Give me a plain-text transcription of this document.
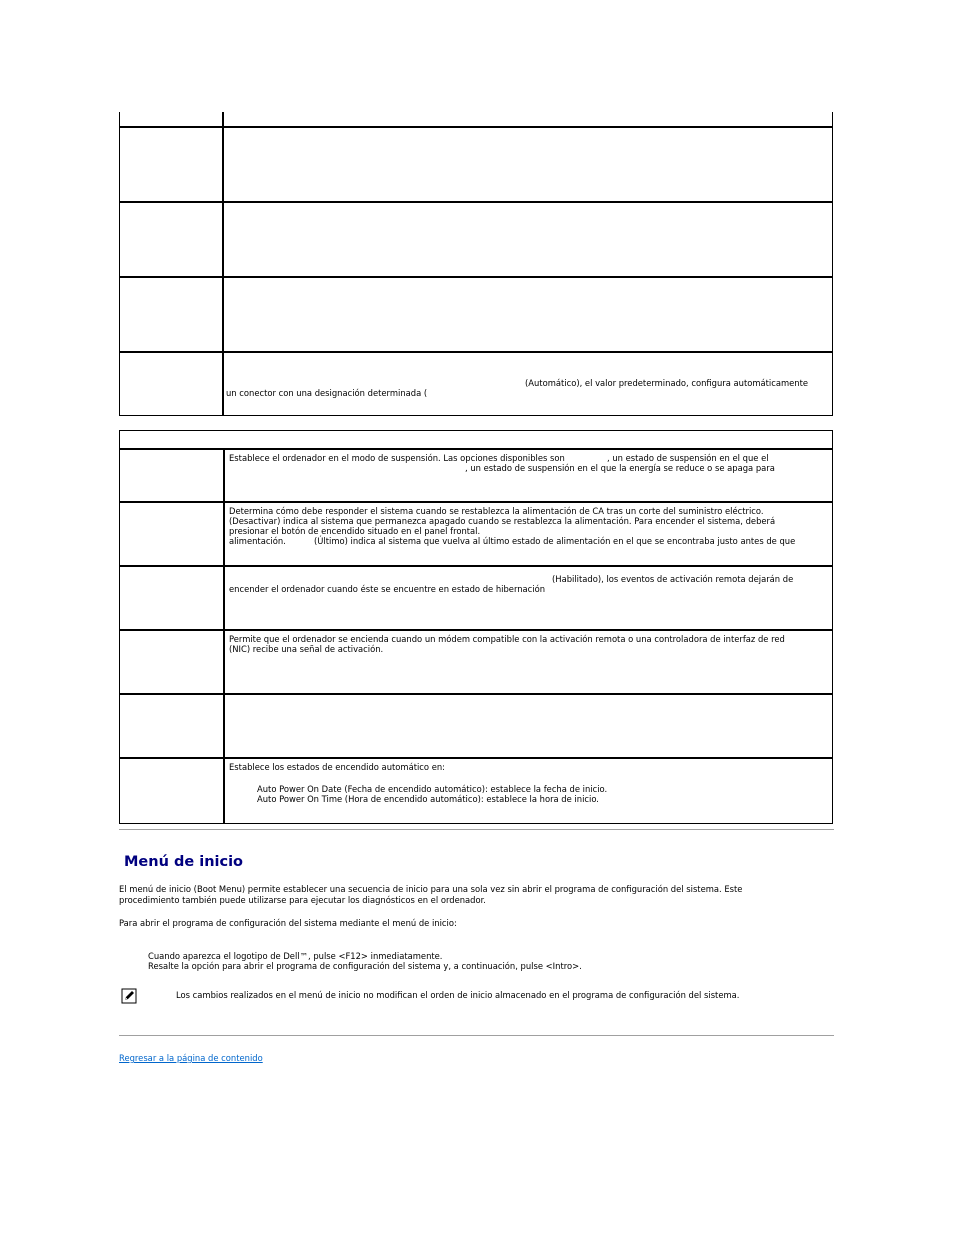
(Automático), el valor predeterminado, configura automáticamente
un conector con una designación determinada (
Establece el ordenador en el modo de suspensión. Las opciones disponibles son	, un estado de suspensión en el que el
, un estado de suspensión en el que la energía se reduce o se apaga para
Determina cómo debe responder el sistema cuando se restablezca la alimentación de CA tras un corte del suministro eléctrico.
(Desactivar) indica al sistema que permanezca apagado cuando se restablezca la alimentación. Para encender el sistema, deberá
presionar el botón de encendido situado en el panel frontal.
alimentación.	(Último) indica al sistema que vuelva al último estado de alimentación en el que se encontraba justo antes de que
(Habilitado), los eventos de activación remota dejarán de
encender el ordenador cuando éste se encuentre en estado de hibernación
Permite que el ordenador se encienda cuando un módem compatible con la activación remota o una controladora de interfaz de red
(NIC) recibe una señal de activación.
Establece los estados de encendido automático en:
Auto Power On Date (Fecha de encendido automático): establece la fecha de inicio.
Auto Power On Time (Hora de encendido automático): establece la hora de inicio.
Menú de inicio
El menú de inicio (Boot Menu) permite establecer una secuencia de inicio para una sola vez sin abrir el programa de configuración del sistema. Este
procedimiento también puede utilizarse para ejecutar los diagnósticos en el ordenador.
Para abrir el programa de configuración del sistema mediante el menú de inicio:
Cuando aparezca el logotipo de Dell™, pulse <F12> inmediatamente.
Resalte la opción para abrir el programa de configuración del sistema y, a continuación, pulse <Intro>.
Los cambios realizados en el menú de inicio no modifican el orden de inicio almacenado en el programa de configuración del sistema.
Regresar a la página de contenido
